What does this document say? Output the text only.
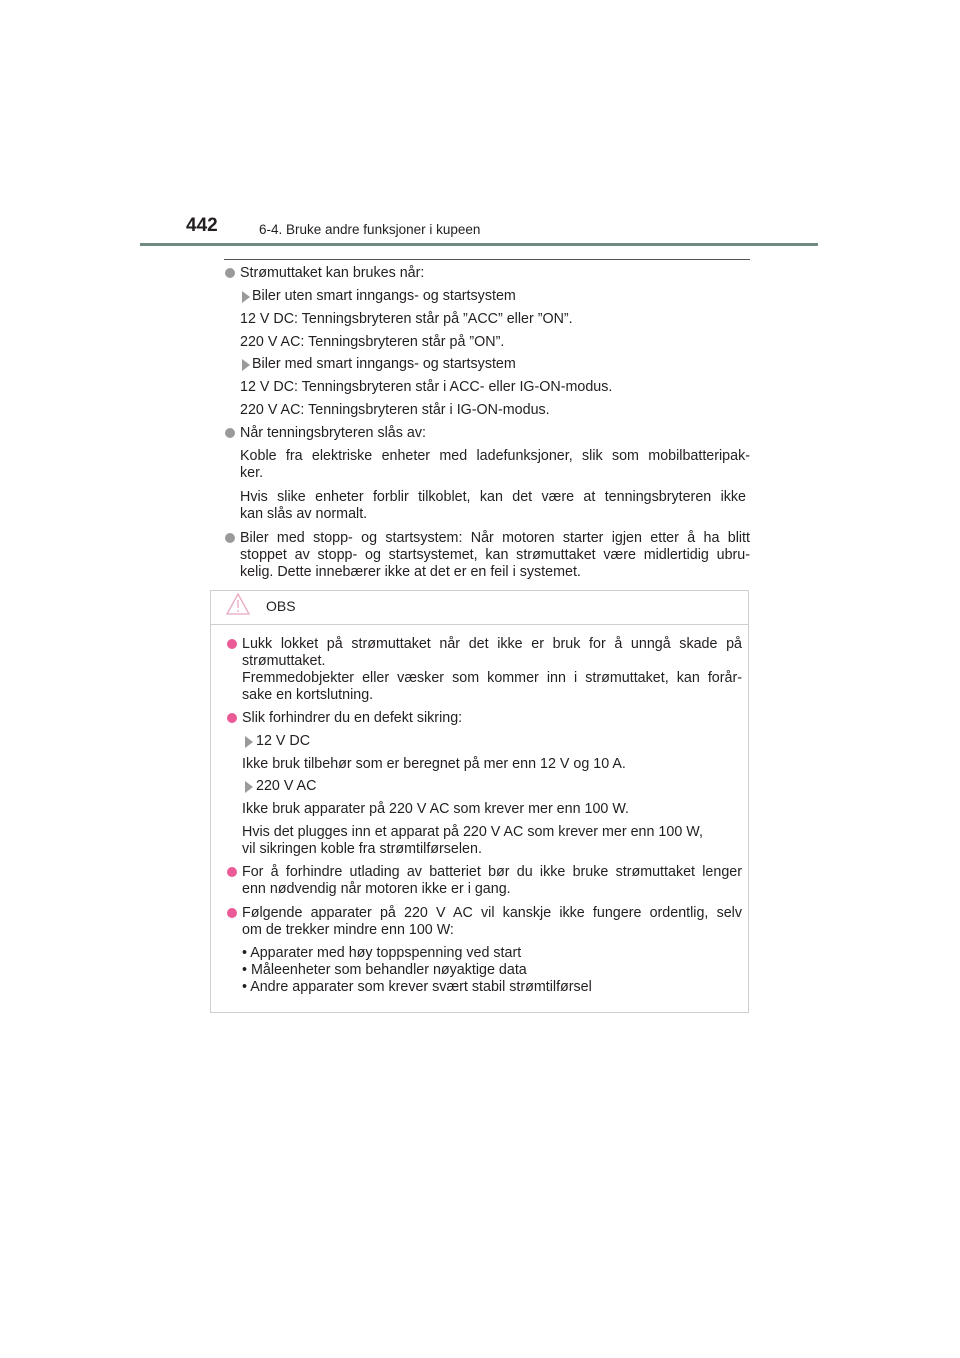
442	6-4. Bruke andre funksjoner i kupeen
Strømuttaket kan brukes når:
Biler uten smart inngangs- og startsystem
12 V DC: Tenningsbryteren står på ”ACC” eller ”ON”.
220 V AC: Tenningsbryteren står på ”ON”.
Biler med smart inngangs- og startsystem
12 V DC: Tenningsbryteren står i ACC- eller IG-ON-modus.
220 V AC: Tenningsbryteren står i IG-ON-modus.
Når tenningsbryteren slås av:
Koble fra elektriske enheter med ladefunksjoner, slik som mobilbatteripak-
ker.
Hvis slike enheter forblir tilkoblet, kan det være at tenningsbryteren ikke
kan slås av normalt.
Biler med stopp- og startsystem: Når motoren starter igjen etter å ha blitt
stoppet av stopp- og startsystemet, kan strømuttaket være midlertidig ubru-
kelig. Dette innebærer ikke at det er en feil i systemet.
OBS
Lukk lokket på strømuttaket når det ikke er bruk for å unngå skade på
strømuttaket.
Fremmedobjekter eller væsker som kommer inn i strømuttaket, kan forår-
sake en kortslutning.
Slik forhindrer du en defekt sikring:
12 V DC
Ikke bruk tilbehør som er beregnet på mer enn 12 V og 10 A.
220 V AC
Ikke bruk apparater på 220 V AC som krever mer enn 100 W.
Hvis det plugges inn et apparat på 220 V AC som krever mer enn 100 W,
vil sikringen koble fra strømtilførselen.
For å forhindre utlading av batteriet bør du ikke bruke strømuttaket lenger
enn nødvendig når motoren ikke er i gang.
Følgende apparater på 220 V AC vil kanskje ikke fungere ordentlig, selv
om de trekker mindre enn 100 W:
• Apparater med høy toppspenning ved start
• Måleenheter som behandler nøyaktige data
• Andre apparater som krever svært stabil strømtilførsel
